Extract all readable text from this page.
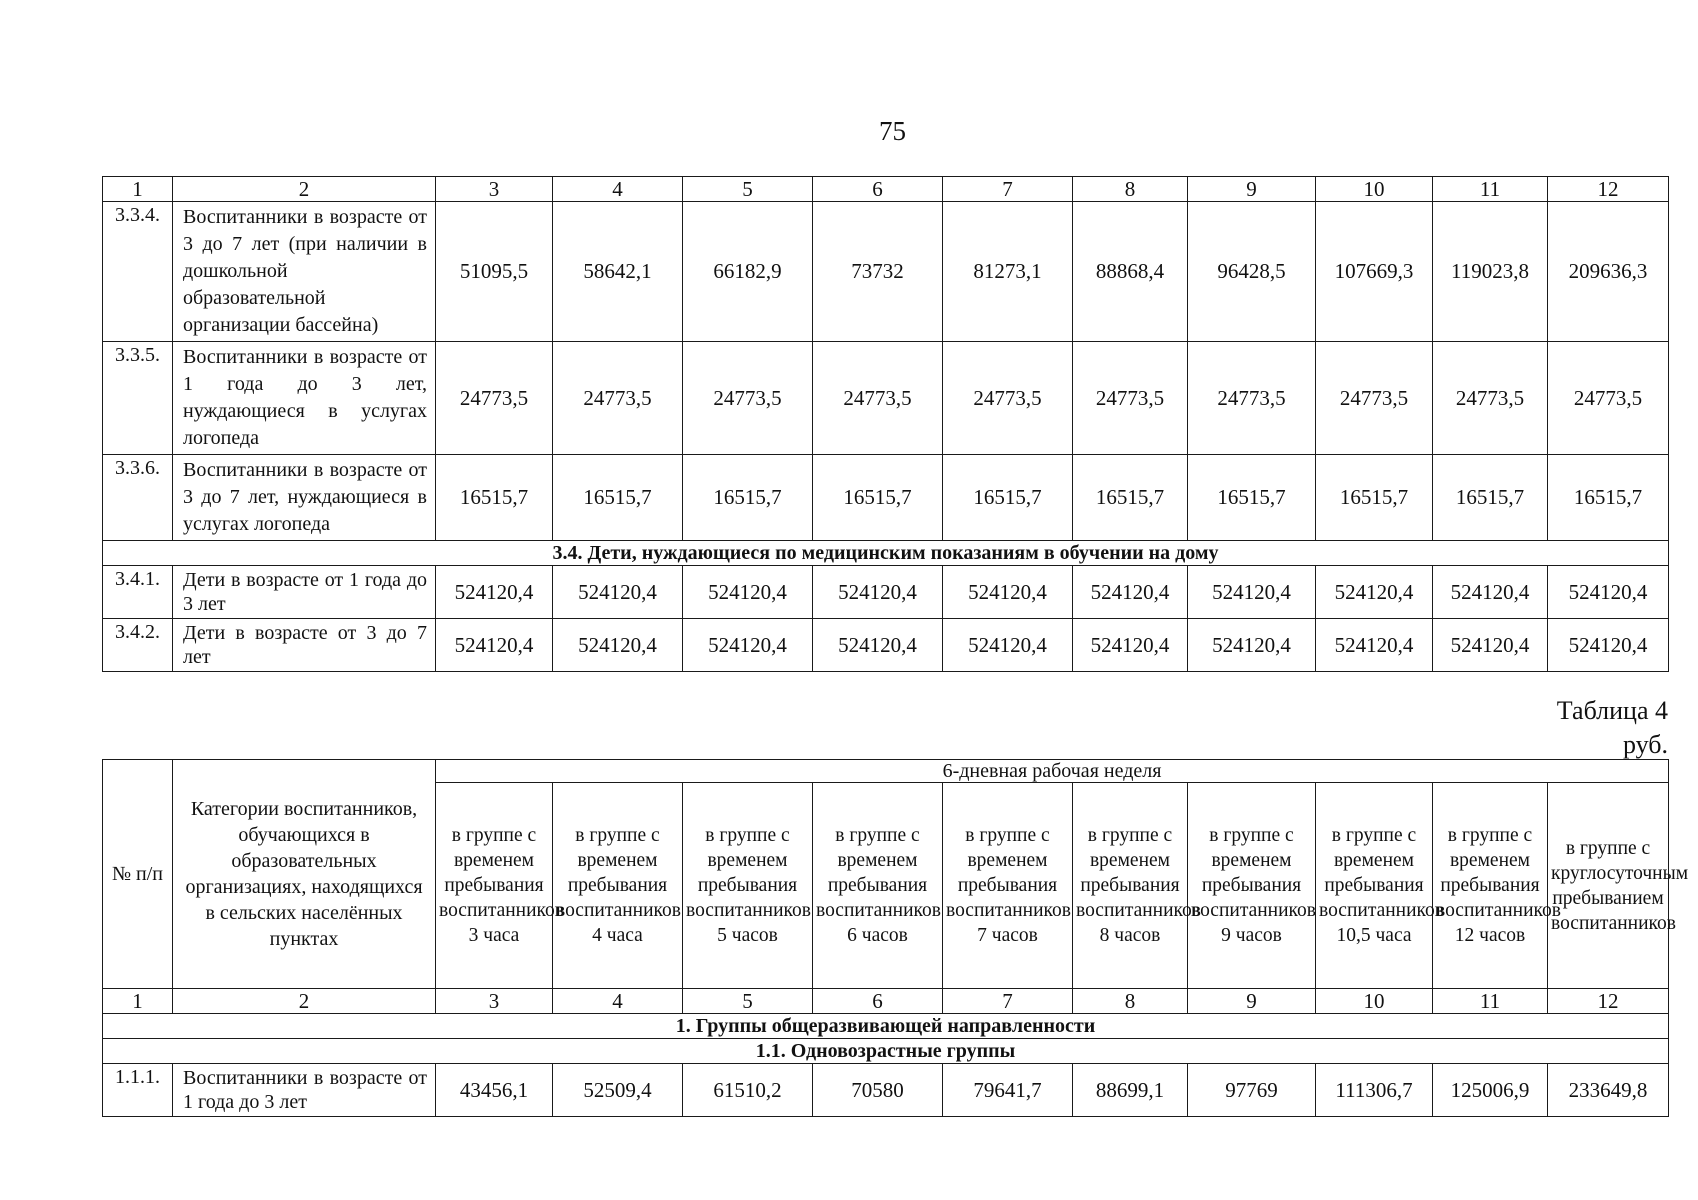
75
1	2	3	4	5	6	7	8	9	10	11	12
3.3.4.	Воспитанники в возрасте от 3 до 7 лет (при наличии в дошкольной образовательной организации бассейна)	51095,5	58642,1	66182,9	73732	81273,1	88868,4	96428,5	107669,3	119023,8	209636,3
3.3.5.	Воспитанники в возрасте от 1 года до 3 лет, нуждающиеся в услугах логопеда	24773,5	24773,5	24773,5	24773,5	24773,5	24773,5	24773,5	24773,5	24773,5	24773,5
3.3.6.	Воспитанники в возрасте от 3 до 7 лет, нуждающиеся в услугах логопеда	16515,7	16515,7	16515,7	16515,7	16515,7	16515,7	16515,7	16515,7	16515,7	16515,7
3.4. Дети, нуждающиеся по медицинским показаниям в обучении на дому											
3.4.1.	Дети в возрасте от 1 года до 3 лет	524120,4	524120,4	524120,4	524120,4	524120,4	524120,4	524120,4	524120,4	524120,4	524120,4
3.4.2.	Дети в возрасте от 3 до 7 лет	524120,4	524120,4	524120,4	524120,4	524120,4	524120,4	524120,4	524120,4	524120,4	524120,4
Таблица 4
руб.
№ п/п	Категории воспитанников, обучающихся в образовательных организациях, находящихся в сельских населённых пунктах	6-дневная рабочая неделя									
		в группе с временем пребывания воспитанников 3 часа	в группе с временем пребывания воспитанников 4 часа	в группе с временем пребывания воспитанников 5 часов	в группе с временем пребывания воспитанников 6 часов	в группе с временем пребывания воспитанников 7 часов	в группе с временем пребывания воспитанников 8 часов	в группе с временем пребывания воспитанников 9 часов	в группе с временем пребывания воспитанников 10,5 часа	в группе с временем пребывания воспитанников 12 часов	в группе с круглосуточным пребыванием воспитанников
1	2	3	4	5	6	7	8	9	10	11	12
1. Группы общеразвивающей направленности											
1.1. Одновозрастные группы											
1.1.1.	Воспитанники в возрасте от 1 года до 3 лет	43456,1	52509,4	61510,2	70580	79641,7	88699,1	97769	111306,7	125006,9	233649,8
